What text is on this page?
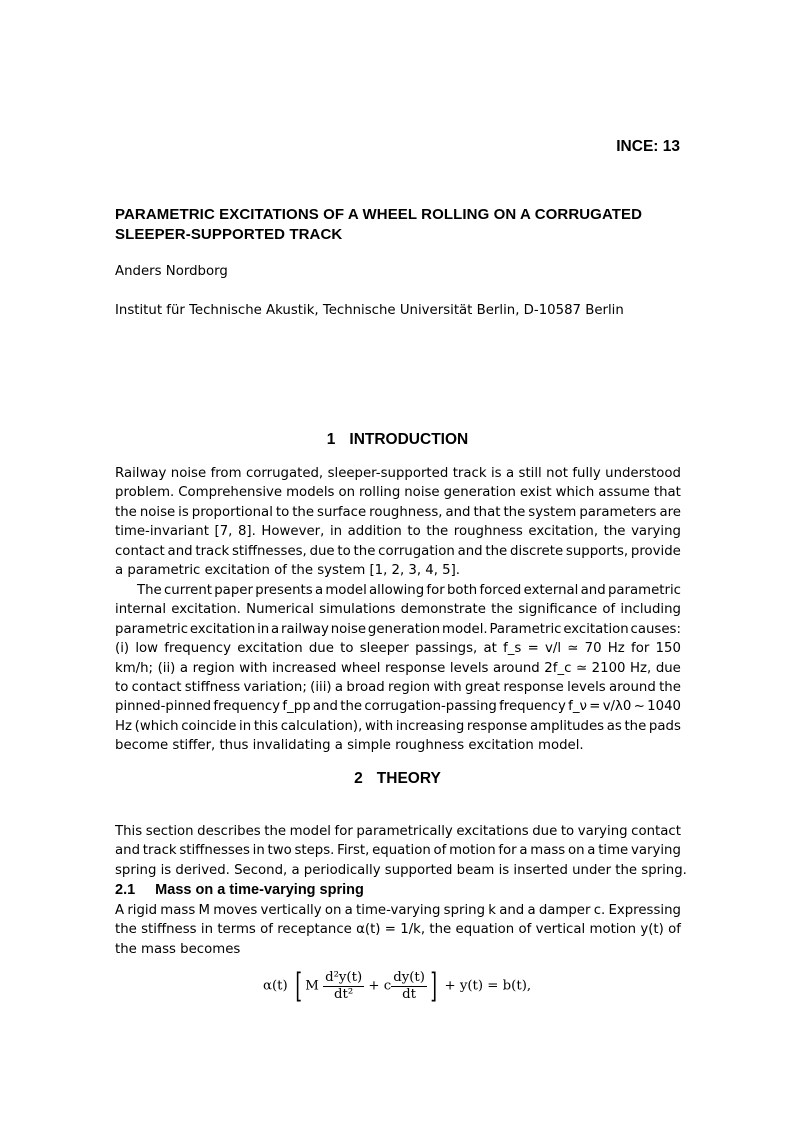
INCE: 13
PARAMETRIC EXCITATIONS OF A WHEEL ROLLING ON A CORRUGATED
SLEEPER-SUPPORTED TRACK
Anders Nordborg
Institut für Technische Akustik, Technische Universität Berlin, D-10587 Berlin
1 INTRODUCTION
Railway noise from corrugated, sleeper-supported track is a still not fully understood
problem. Comprehensive models on rolling noise generation exist which assume that
the noise is proportional to the surface roughness, and that the system parameters are
time-invariant [7, 8]. However, in addition to the roughness excitation, the varying
contact and track stiffnesses, due to the corrugation and the discrete supports, provide
a parametric excitation of the system [1, 2, 3, 4, 5].
The current paper presents a model allowing for both forced external and parametric
internal excitation. Numerical simulations demonstrate the significance of including
parametric excitation in a railway noise generation model. Parametric excitation causes:
(i) low frequency excitation due to sleeper passings, at f_s = v/l ≃ 70 Hz for 150
km/h; (ii) a region with increased wheel response levels around 2f_c ≃ 2100 Hz, due
to contact stiffness variation; (iii) a broad region with great response levels around the
pinned-pinned frequency f_pp and the corrugation-passing frequency f_ν = v/λ0 ~ 1040
Hz (which coincide in this calculation), with increasing response amplitudes as the pads
become stiffer, thus invalidating a simple roughness excitation model.
2 THEORY
This section describes the model for parametrically excitations due to varying contact
and track stiffnesses in two steps. First, equation of motion for a mass on a time varying
spring is derived. Second, a periodically supported beam is inserted under the spring.
2.1 Mass on a time-varying spring
A rigid mass M moves vertically on a time-varying spring k and a damper c. Expressing
the stiffness in terms of receptance α(t) = 1/k, the equation of vertical motion y(t) of
the mass becomes
α(t) [ M $\frac{\text{d²y(t)}}{\text{dt²}} + c \frac{dy(t)}{dt}$ ] + y(t) = b(t),
